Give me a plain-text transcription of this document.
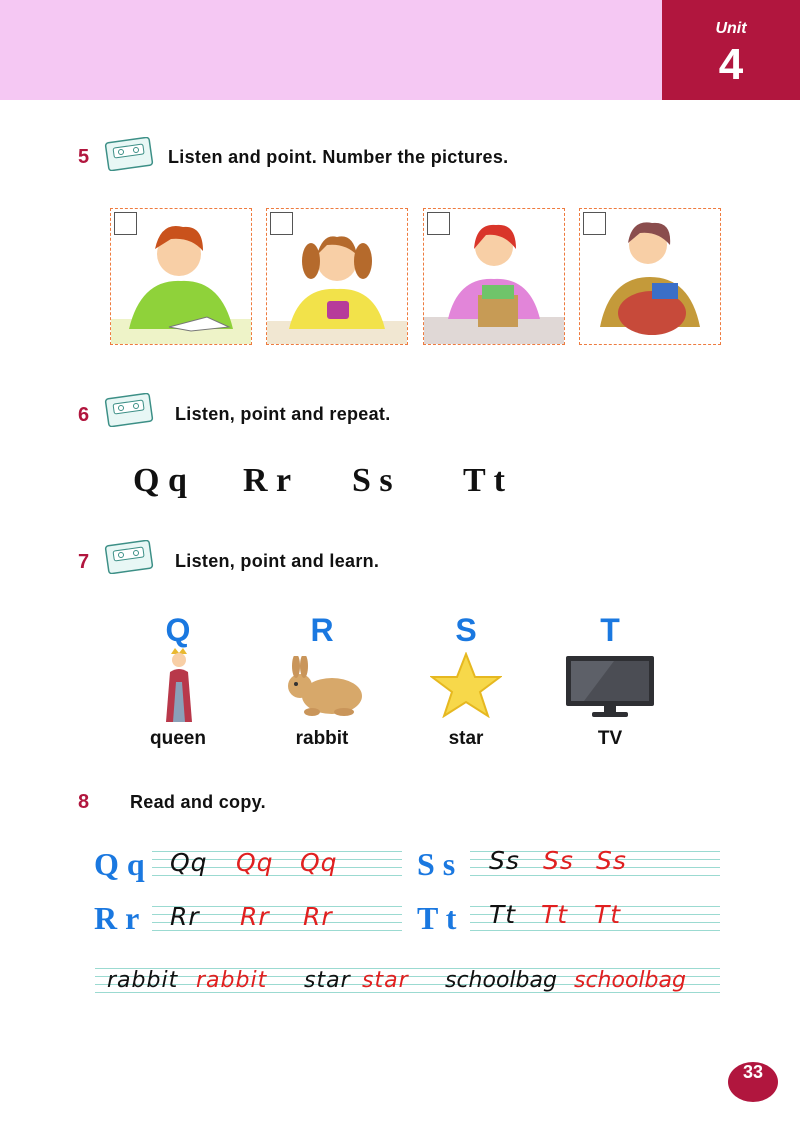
Unit
4
5	Listen and point. Number the pictures.
6	Listen, point and repeat.
Q q R r S s T t
7	Listen, point and learn.
Q	R	S	T
queen	rabbit	star	TV
8 Read and copy.
Q q Qq Qq Qq
R r Rr Rr Rr
S s Ss Ss Ss
T t Tt Tt Tt
rabbit rabbit star star schoolbag schoolbag
33
